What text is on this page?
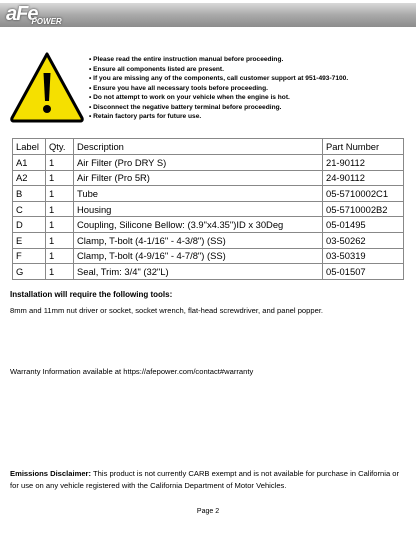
aFe
POWER
• Please read the entire instruction manual before proceeding.
• Ensure all components listed are present.
• If you are missing any of the components, call customer support at 951-493-7100.
• Ensure you have all necessary tools before proceeding.
• Do not attempt to work on your vehicle when the engine is hot.
• Disconnect the negative battery terminal before proceeding.
• Retain factory parts for future use.
Label	Qty.	Description	Part Number
A1	1	Air Filter (Pro DRY S)	21-90112
A2	1	Air Filter (Pro 5R)	24-90112
B	1	Tube	05-5710002C1
C	1	Housing	05-5710002B2
D	1	Coupling, Silicone Bellow: (3.9"x4.35")ID x 30Deg	05-01495
E	1	Clamp, T-bolt (4-1/16" - 4-3/8") (SS)	03-50262
F	1	Clamp, T-bolt (4-9/16" - 4-7/8") (SS)	03-50319
G	1	Seal, Trim: 3/4" (32"L)	05-01507
Installation will require the following tools:
8mm and 11mm nut driver or socket, socket wrench, flat-head screwdriver, and panel popper.
Warranty Information available at https://afepower.com/contact#warranty
Emissions Disclaimer: This product is not currently CARB exempt and is not available for purchase in California or for use on any vehicle registered with the California Department of Motor Vehicles.
Page 2
